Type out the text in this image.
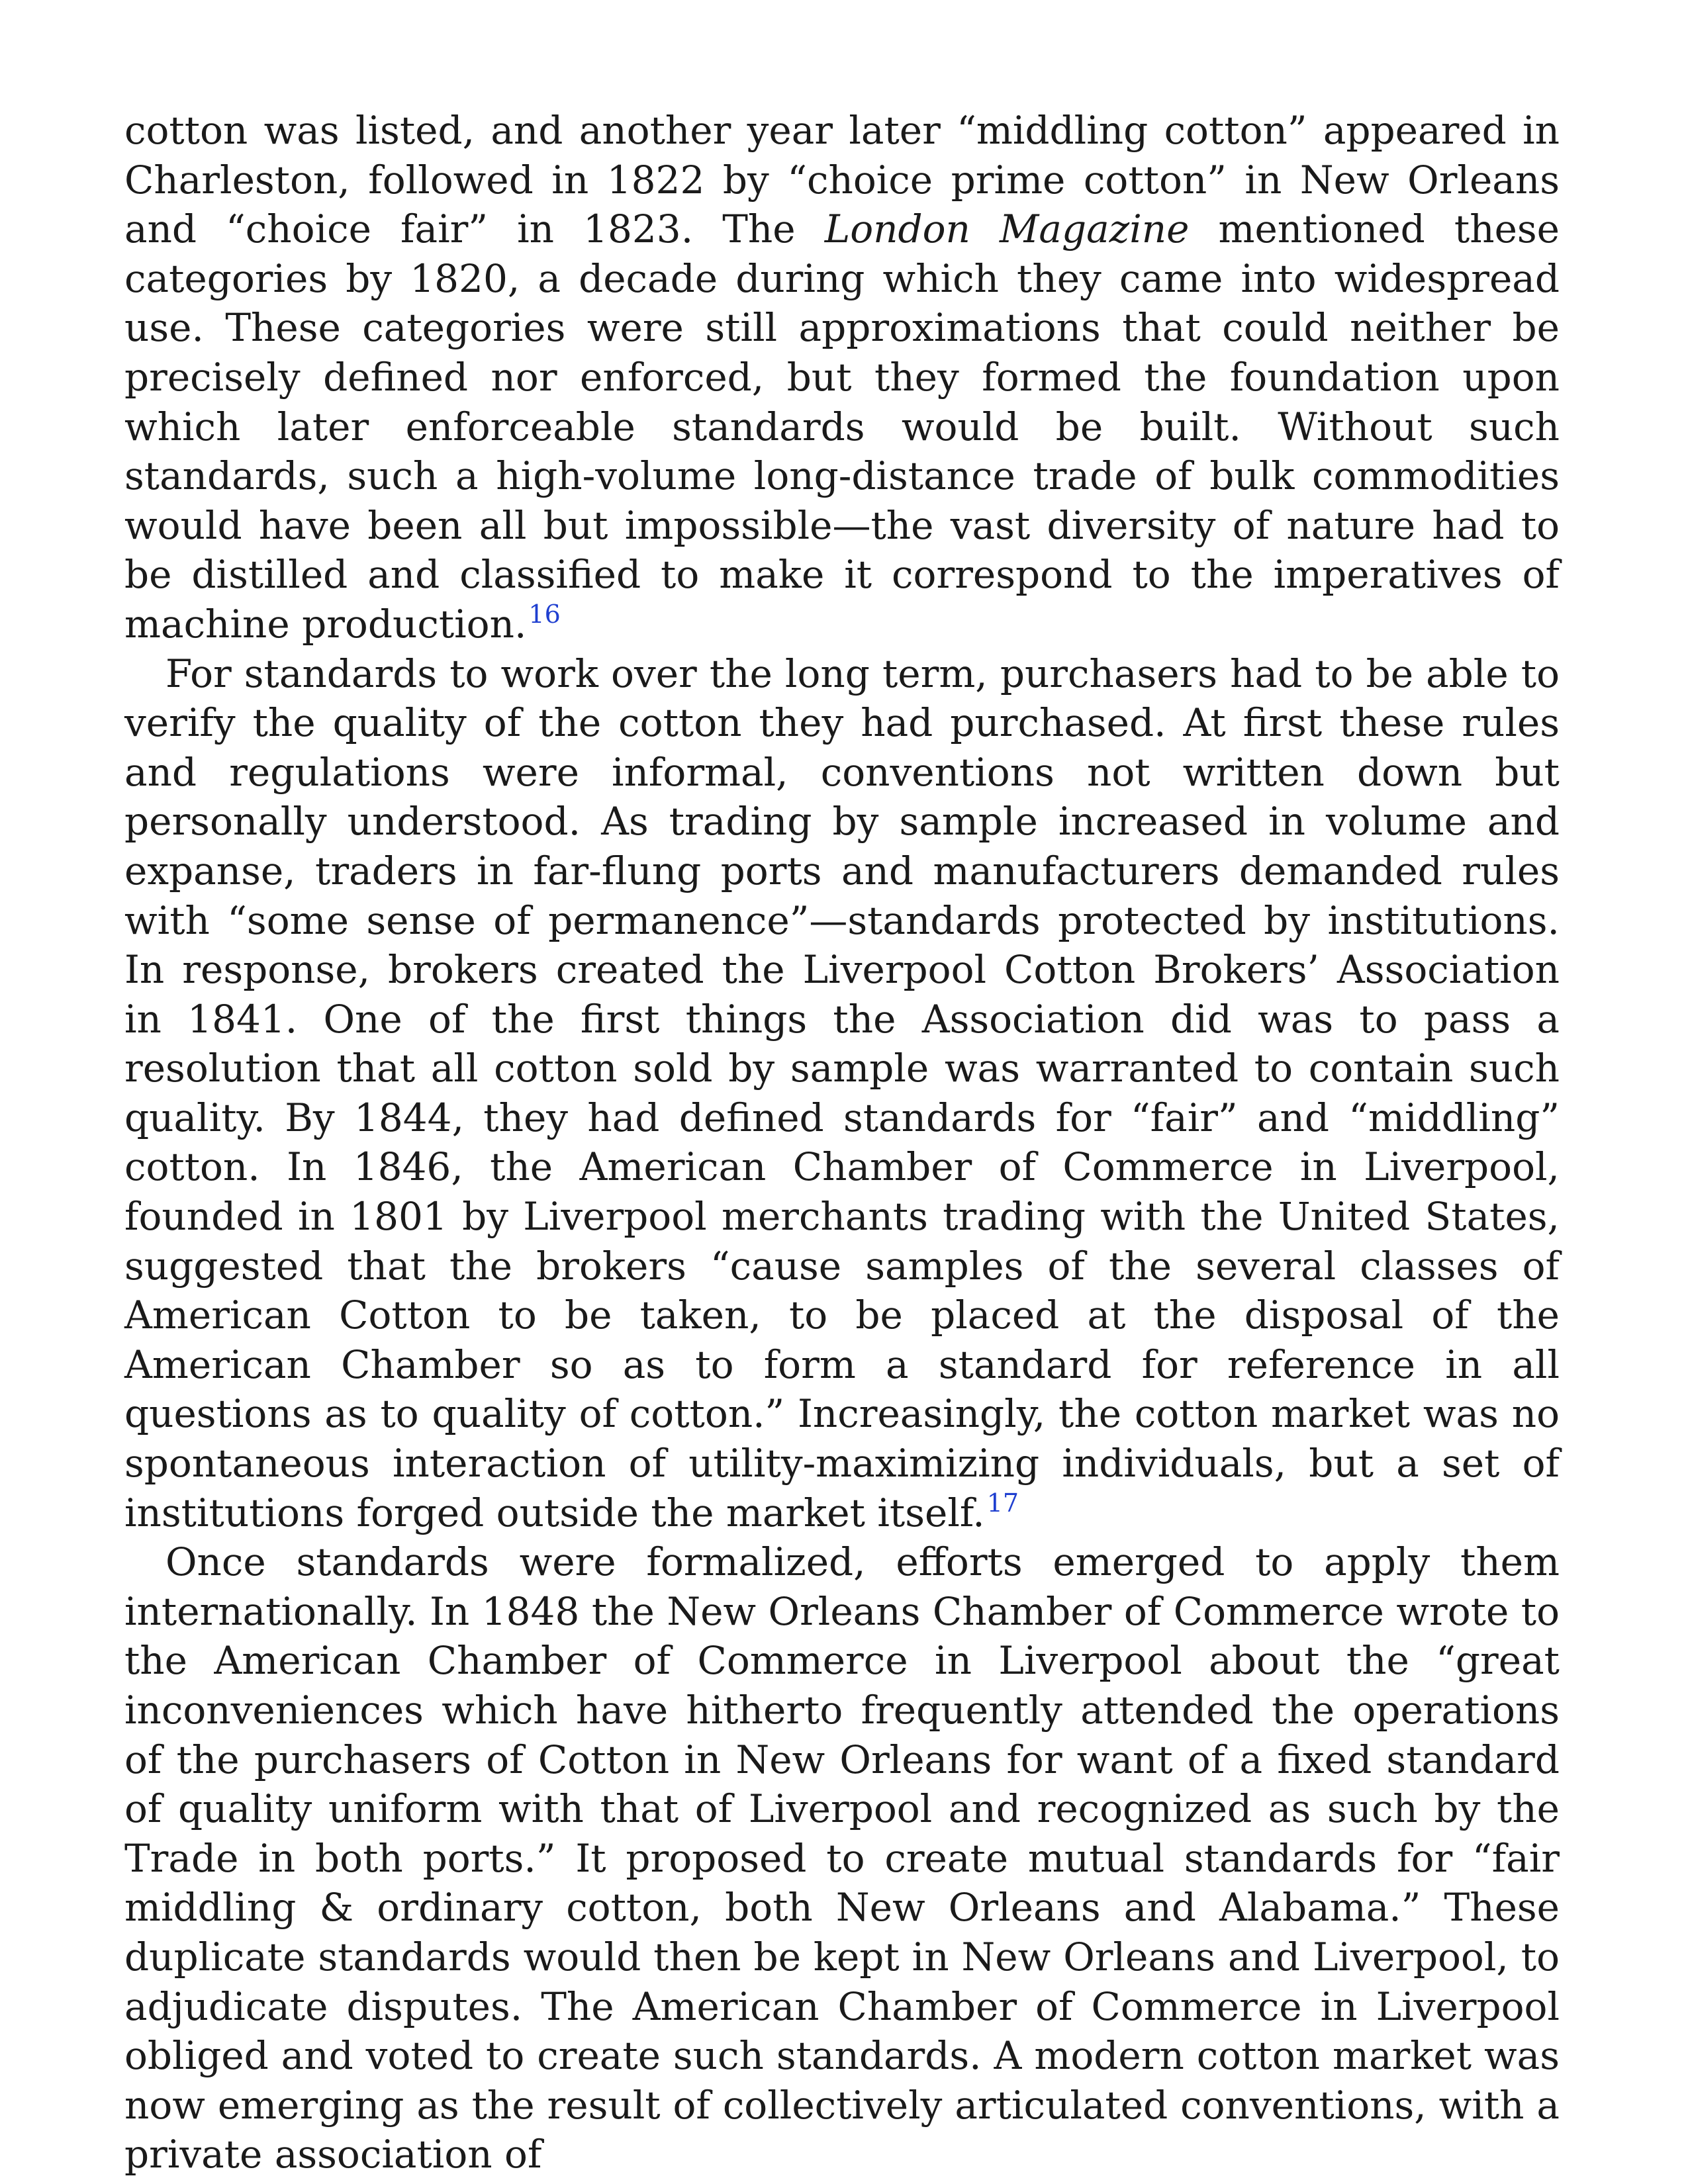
cotton was listed, and another year later “middling cotton” appeared in Charleston, followed in 1822 by “choice prime cotton” in New Orleans and “choice fair” in 1823. The London Magazine mentioned these categories by 1820, a decade during which they came into widespread use. These categories were still approximations that could neither be precisely defined nor enforced, but they formed the foundation upon which later enforceable standards would be built. Without such standards, such a high-volume long-distance trade of bulk commodities would have been all but impossible—the vast diversity of nature had to be distilled and classified to make it correspond to the imperatives of machine production.$^{16}$

For standards to work over the long term, purchasers had to be able to verify the quality of the cotton they had purchased. At first these rules and regulations were informal, conventions not written down but personally understood. As trading by sample increased in volume and expanse, traders in far-flung ports and manufacturers demanded rules with “some sense of permanence”—standards protected by institutions. In response, brokers created the Liverpool Cotton Brokers’ Association in 1841. One of the first things the Association did was to pass a resolution that all cotton sold by sample was warranted to contain such quality. By 1844, they had defined standards for “fair” and “middling” cotton. In 1846, the American Chamber of Commerce in Liverpool, founded in 1801 by Liverpool merchants trading with the United States, suggested that the brokers “cause samples of the several classes of American Cotton to be taken, to be placed at the disposal of the American Chamber so as to form a standard for reference in all questions as to quality of cotton.” Increasingly, the cotton market was no spontaneous interaction of utility-maximizing individuals, but a set of institutions forged outside the market itself.$^{17}$

Once standards were formalized, efforts emerged to apply them internationally. In 1848 the New Orleans Chamber of Commerce wrote to the American Chamber of Commerce in Liverpool about the “great inconveniences which have hitherto frequently attended the operations of the purchasers of Cotton in New Orleans for want of a fixed standard of quality uniform with that of Liverpool and recognized as such by the Trade in both ports.” It proposed to create mutual standards for “fair middling & ordinary cotton, both New Orleans and Alabama.” These duplicate standards would then be kept in New Orleans and Liverpool, to adjudicate disputes. The American Chamber of Commerce in Liverpool obliged and voted to create such standards. A modern cotton market was now emerging as the result of collectively articulated conventions, with a private association of
